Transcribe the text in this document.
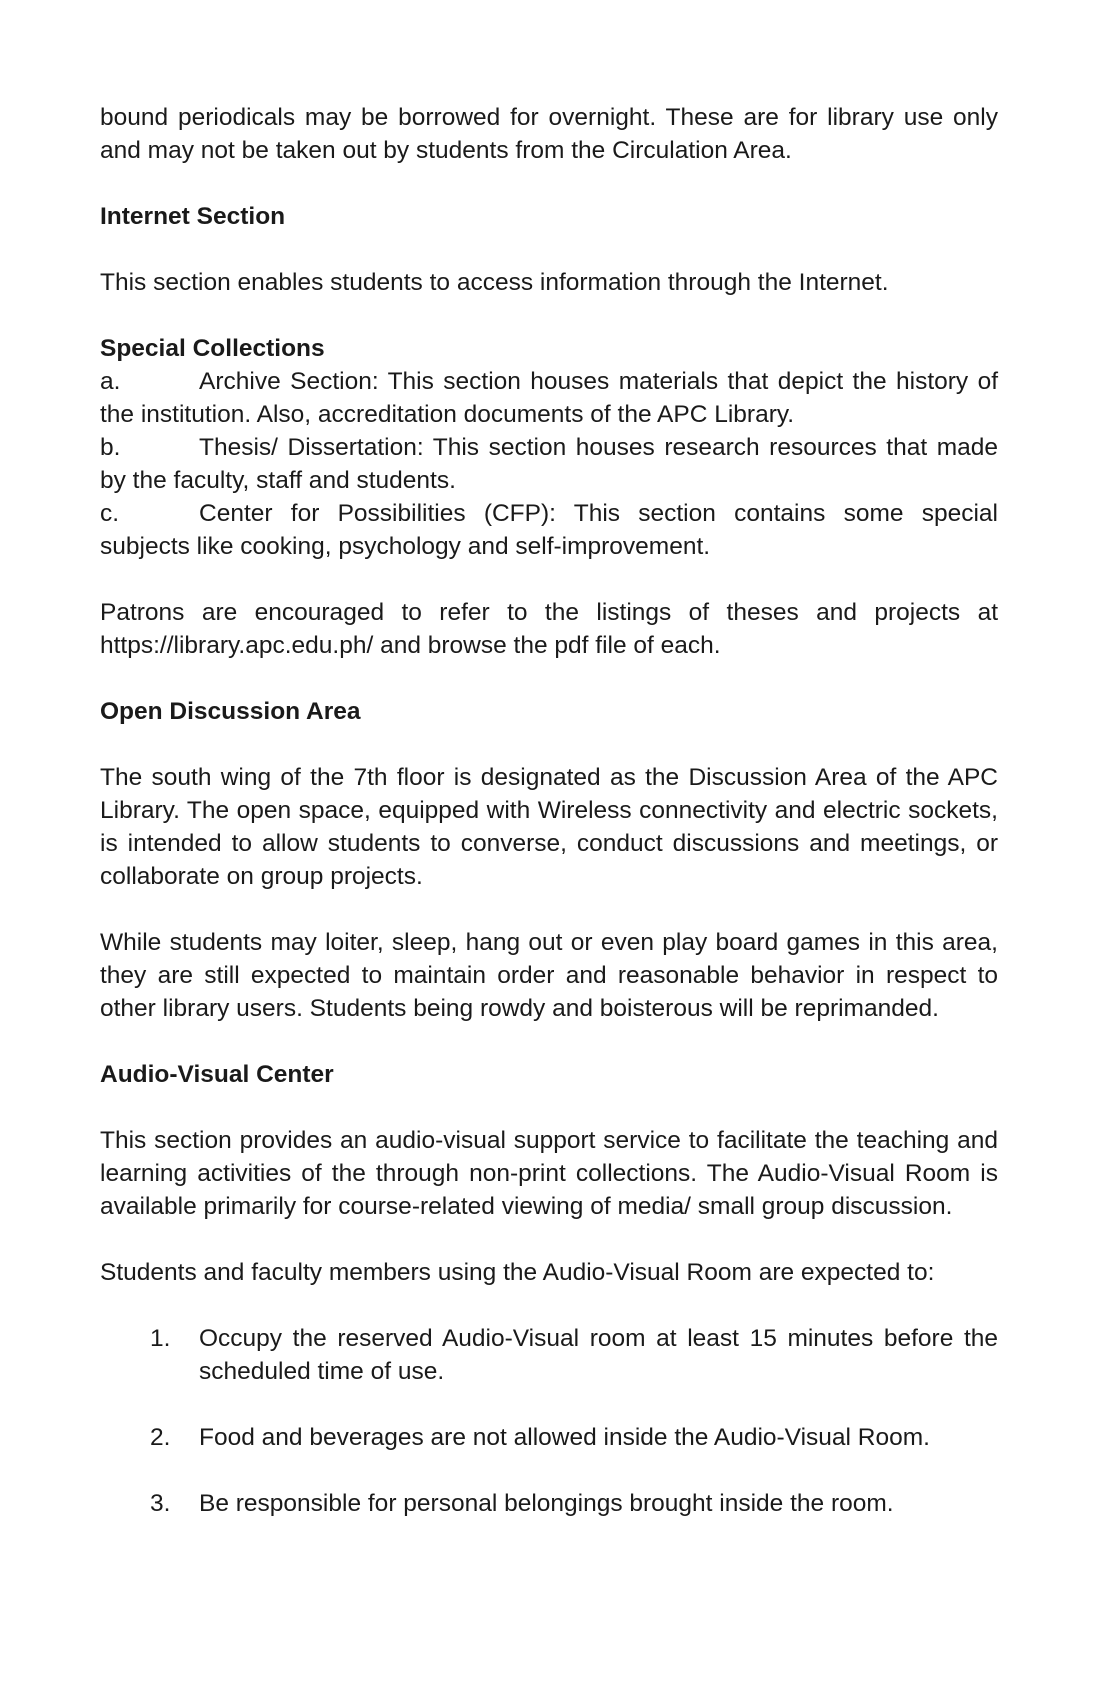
bound periodicals may be borrowed for overnight. These are for library use only and may not be taken out by students from the Circulation Area.

Internet Section

This section enables students to access information through the Internet.

Special Collections
a.	Archive Section: This section houses materials that depict the history of the institution. Also, accreditation documents of the APC Library.
b.	Thesis/ Dissertation: This section houses research resources that made by the faculty, staff and students.
c.	Center for Possibilities (CFP): This section contains some special subjects like cooking, psychology and self-improvement.

Patrons are encouraged to refer to the listings of theses and projects at https://library.apc.edu.ph/ and browse the pdf file of each.

Open Discussion Area

The south wing of the 7th floor is designated as the Discussion Area of the APC Library. The open space, equipped with Wireless connectivity and electric sockets, is intended to allow students to converse, conduct discussions and meetings, or collaborate on group projects.

While students may loiter, sleep, hang out or even play board games in this area, they are still expected to maintain order and reasonable behavior in respect to other library users. Students being rowdy and boisterous will be reprimanded.

Audio-Visual Center

This section provides an audio-visual support service to facilitate the teaching and learning activities of the through non-print collections. The Audio-Visual Room is available primarily for course-related viewing of media/ small group discussion.

Students and faculty members using the Audio-Visual Room are expected to:

1. Occupy the reserved Audio-Visual room at least 15 minutes before the scheduled time of use.
2. Food and beverages are not allowed inside the Audio-Visual Room.
3. Be responsible for personal belongings brought inside the room.
